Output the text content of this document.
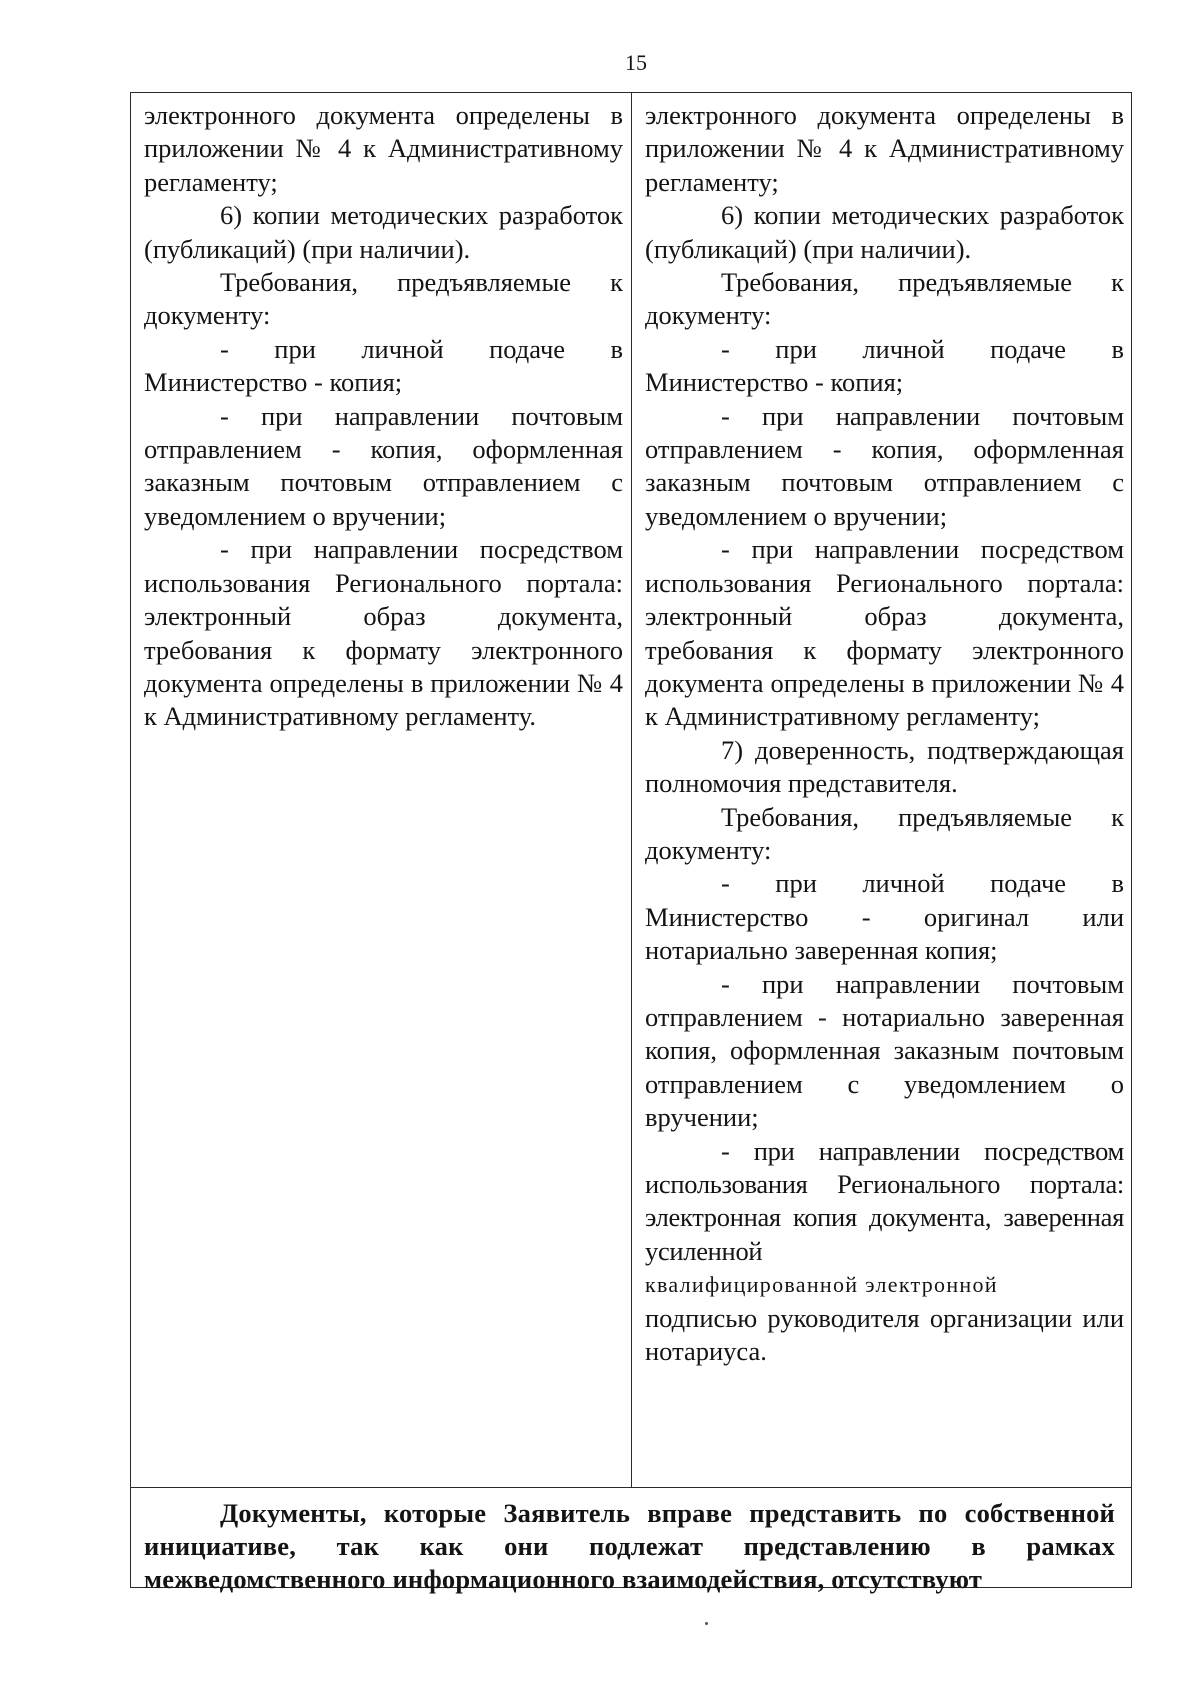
15

электронного документа определены в приложении № 4 к Административному регламенту;

6) копии методических разработок (публикаций) (при наличии).

Требования, предъявляемые к документу:

- при личной подаче в Министерство - копия;

- при направлении почтовым отправлением - копия, оформленная заказным почтовым отправлением с уведомлением о вручении;

- при направлении посредством использования Регионального портала: электронный образ документа, требования к формату электронного документа определены в приложении № 4 к Административному регламенту.

электронного документа определены в приложении № 4 к Административному регламенту;

6) копии методических разработок (публикаций) (при наличии).

Требования, предъявляемые к документу:

- при личной подаче в Министерство - копия;

- при направлении почтовым отправлением - копия, оформленная заказным почтовым отправлением с уведомлением о вручении;

- при направлении посредством использования Регионального портала: электронный образ документа, требования к формату электронного документа определены в приложении № 4 к Административному регламенту;

7) доверенность, подтверждающая полномочия представителя.

Требования, предъявляемые к документу:

- при личной подаче в Министерство - оригинал или нотариально заверенная копия;

- при направлении почтовым отправлением - нотариально заверенная копия, оформленная заказным почтовым отправлением с уведомлением о вручении;

- при направлении посредством использования Регионального портала: электронная копия документа, заверенная усиленной

квалифицированной электронной

подписью руководителя организации или нотариуса.

Документы, которые Заявитель вправе представить по собственной инициативе, так как они подлежат представлению в рамках межведомственного информационного взаимодействия, отсутствуют
